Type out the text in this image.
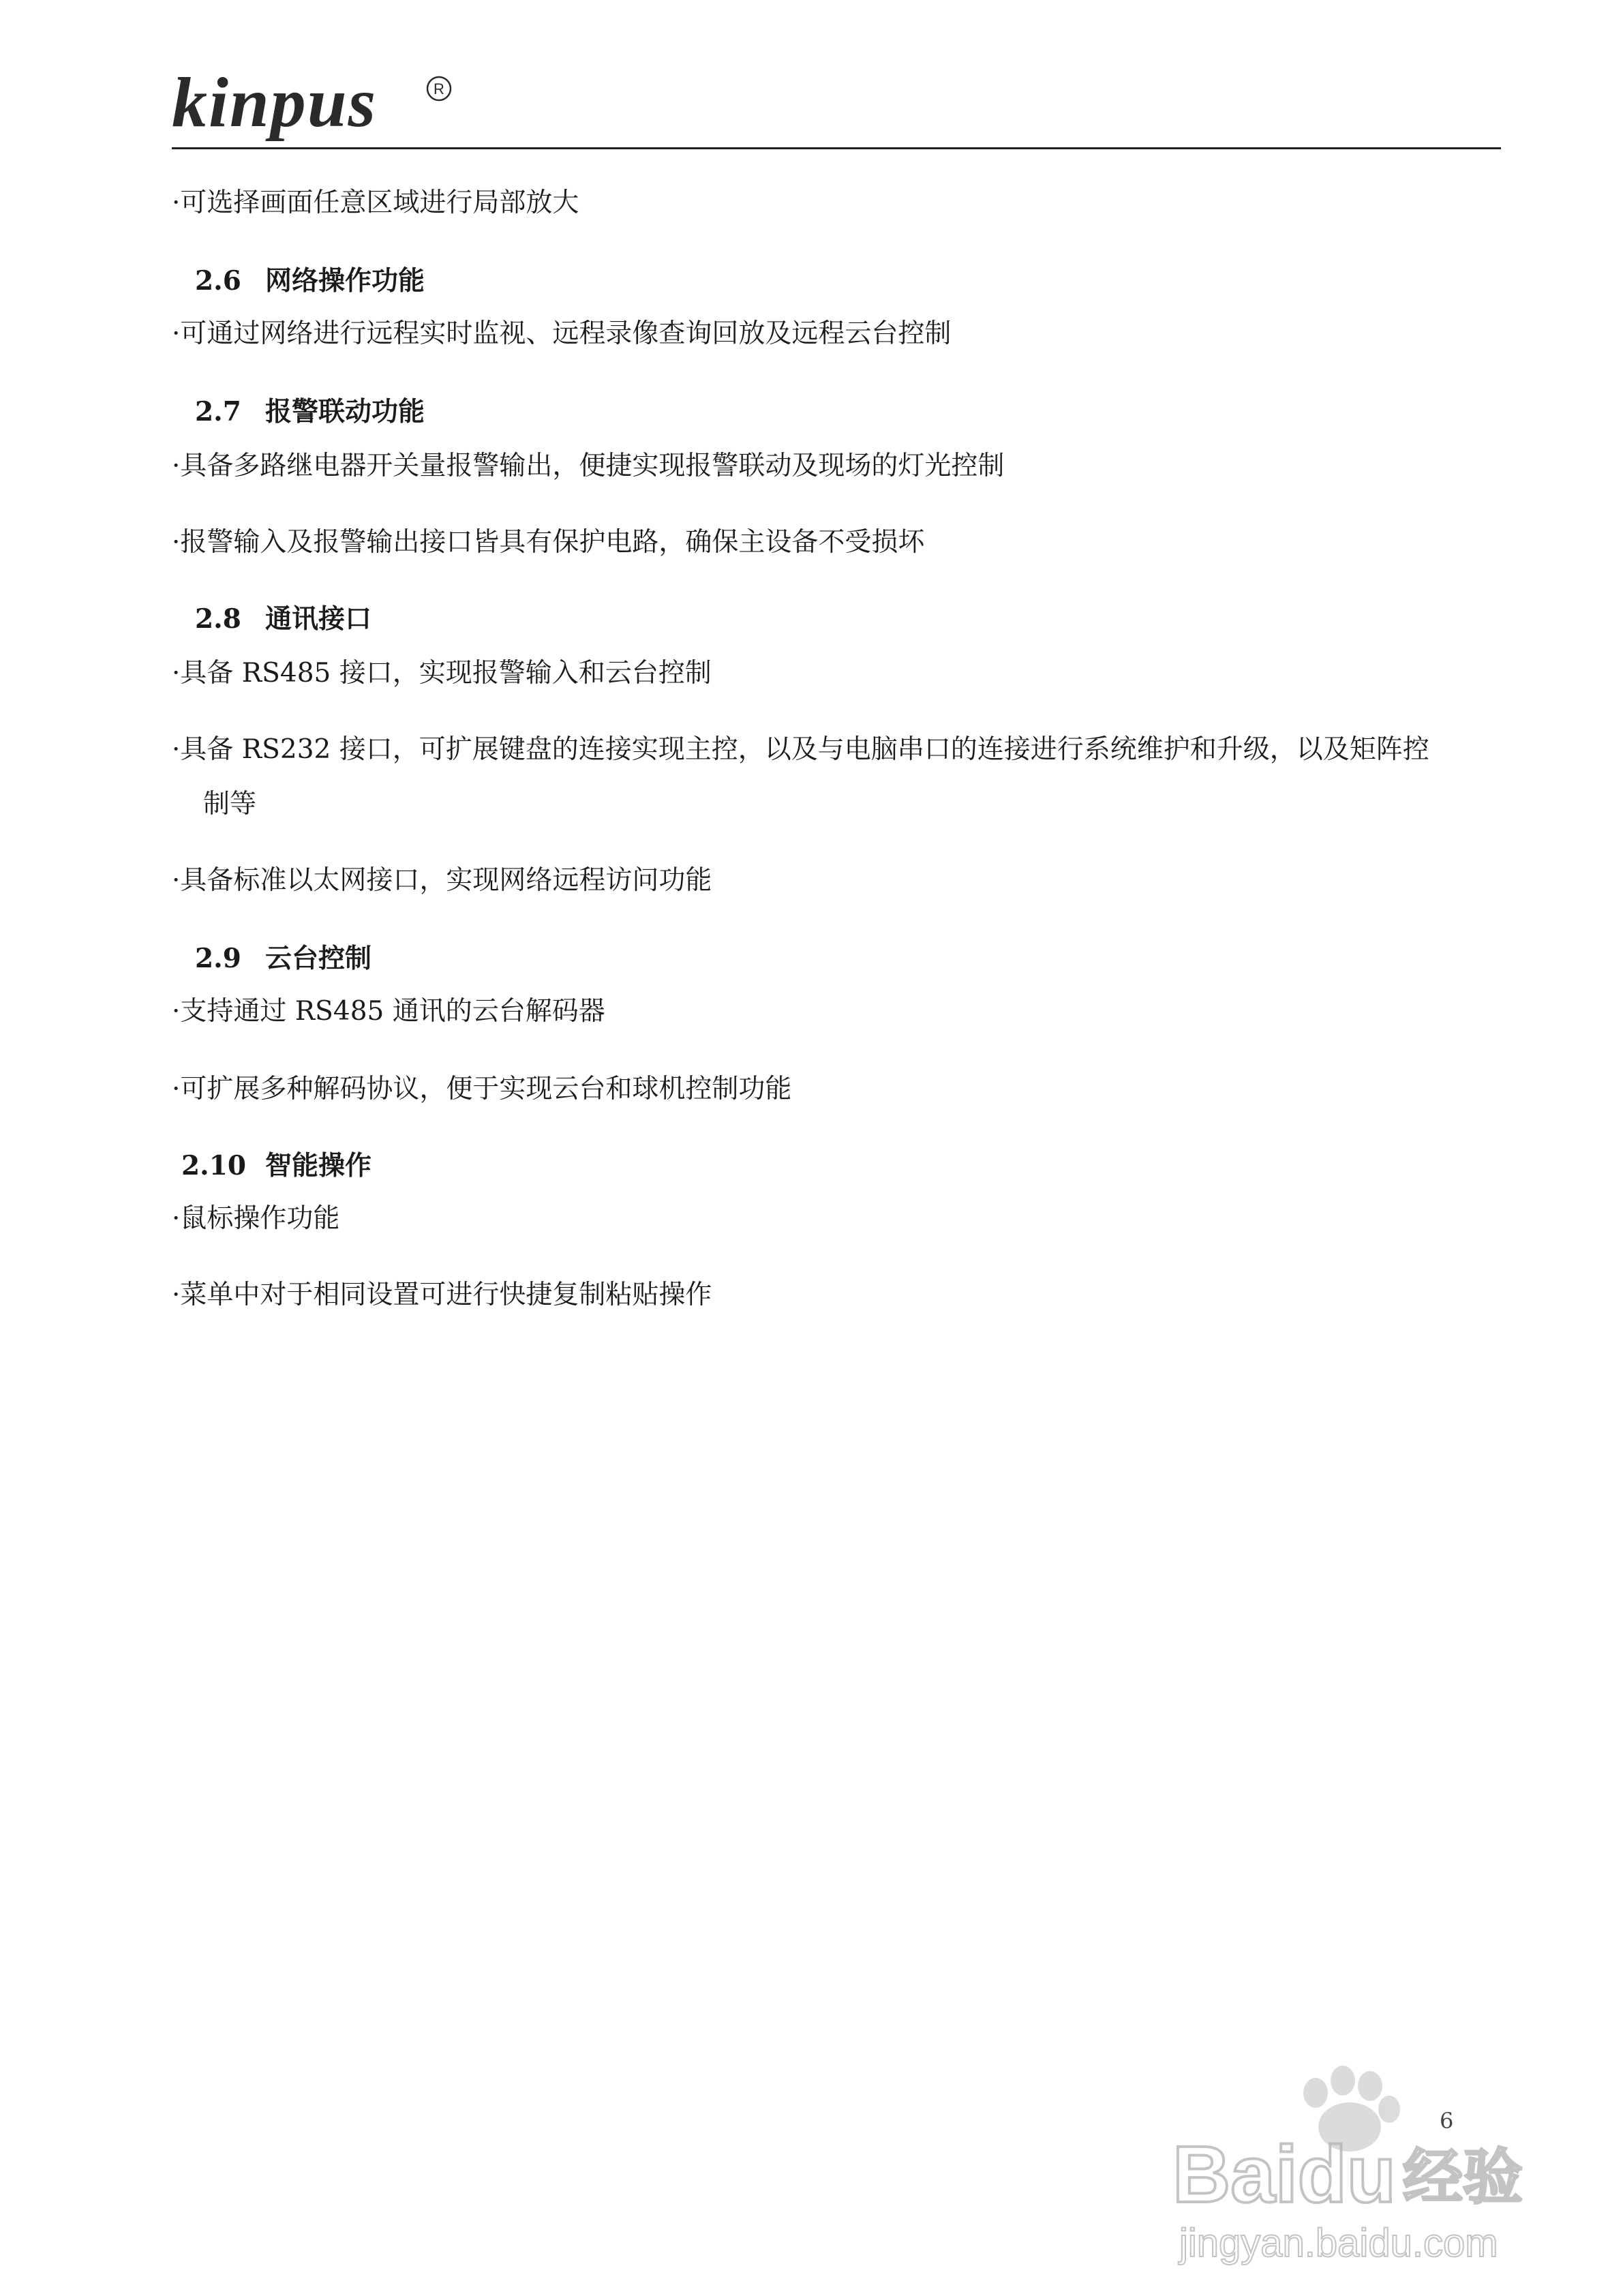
kinpus	R
·可选择画面任意区域进行局部放大
2.6 网络操作功能
·可通过网络进行远程实时监视、远程录像查询回放及远程云台控制
2.7 报警联动功能
·具备多路继电器开关量报警输出，便捷实现报警联动及现场的灯光控制
·报警输入及报警输出接口皆具有保护电路，确保主设备不受损坏
2.8 通讯接口
·具备 RS485 接口，实现报警输入和云台控制
·具备 RS232 接口，可扩展键盘的连接实现主控，以及与电脑串口的连接进行系统维护和升级，以及矩阵控
制等
·具备标准以太网接口，实现网络远程访问功能
2.9 云台控制
·支持通过 RS485 通讯的云台解码器
·可扩展多种解码协议，便于实现云台和球机控制功能
2.10 智能操作
·鼠标操作功能
·菜单中对于相同设置可进行快捷复制粘贴操作
Baidu 经验
jingyan.baidu.com
6
